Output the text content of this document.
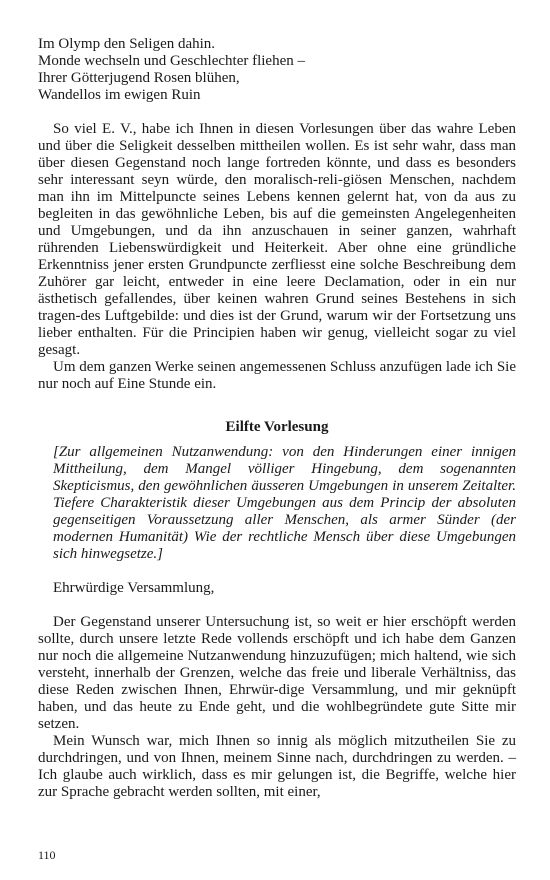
Im Olymp den Seligen dahin.
Monde wechseln und Geschlechter fliehen –
Ihrer Götterjugend Rosen blühen,
Wandellos im ewigen Ruin

So viel E. V., habe ich Ihnen in diesen Vorlesungen über das wahre Leben und über die Seligkeit desselben mittheilen wollen. Es ist sehr wahr, dass man über diesen Gegenstand noch lange fortreden könnte, und dass es besonders sehr interessant seyn würde, den moralisch-reli-giösen Menschen, nachdem man ihn im Mittelpuncte seines Lebens kennen gelernt hat, von da aus zu begleiten in das gewöhnliche Leben, bis auf die gemeinsten Angelegenheiten und Umgebungen, und da ihn anzuschauen in seiner ganzen, wahrhaft rührenden Liebenswürdigkeit und Heiterkeit. Aber ohne eine gründliche Erkenntniss jener ersten Grundpuncte zerfliesst eine solche Beschreibung dem Zuhörer gar leicht, entweder in eine leere Declamation, oder in ein nur ästhetisch gefallendes, über keinen wahren Grund seines Bestehens in sich tragen-des Luftgebilde: und dies ist der Grund, warum wir der Fortsetzung uns lieber enthalten. Für die Principien haben wir genug, vielleicht sogar zu viel gesagt.

Um dem ganzen Werke seinen angemessenen Schluss anzufügen lade ich Sie nur noch auf Eine Stunde ein.

Eilfte Vorlesung

[Zur allgemeinen Nutzanwendung: von den Hinderungen einer innigen Mittheilung, dem Mangel völliger Hingebung, dem sogenannten Skepticismus, den gewöhnlichen äusseren Umgebungen in unserem Zeitalter. Tiefere Charakteristik dieser Umgebungen aus dem Princip der absoluten gegenseitigen Voraussetzung aller Menschen, als armer Sünder (der modernen Humanität) Wie der rechtliche Mensch über diese Umgebungen sich hinwegsetze.]

Ehrwürdige Versammlung,

Der Gegenstand unserer Untersuchung ist, so weit er hier erschöpft werden sollte, durch unsere letzte Rede vollends erschöpft und ich habe dem Ganzen nur noch die allgemeine Nutzanwendung hinzuzufügen; mich haltend, wie sich versteht, innerhalb der Grenzen, welche das freie und liberale Verhältniss, das diese Reden zwischen Ihnen, Ehrwür-dige Versammlung, und mir geknüpft haben, und das heute zu Ende geht, und die wohlbegründete gute Sitte mir setzen.

Mein Wunsch war, mich Ihnen so innig als möglich mitzutheilen Sie zu durchdringen, und von Ihnen, meinem Sinne nach, durchdringen zu werden. – Ich glaube auch wirklich, dass es mir gelungen ist, die Begriffe, welche hier zur Sprache gebracht werden sollten, mit einer,

110
